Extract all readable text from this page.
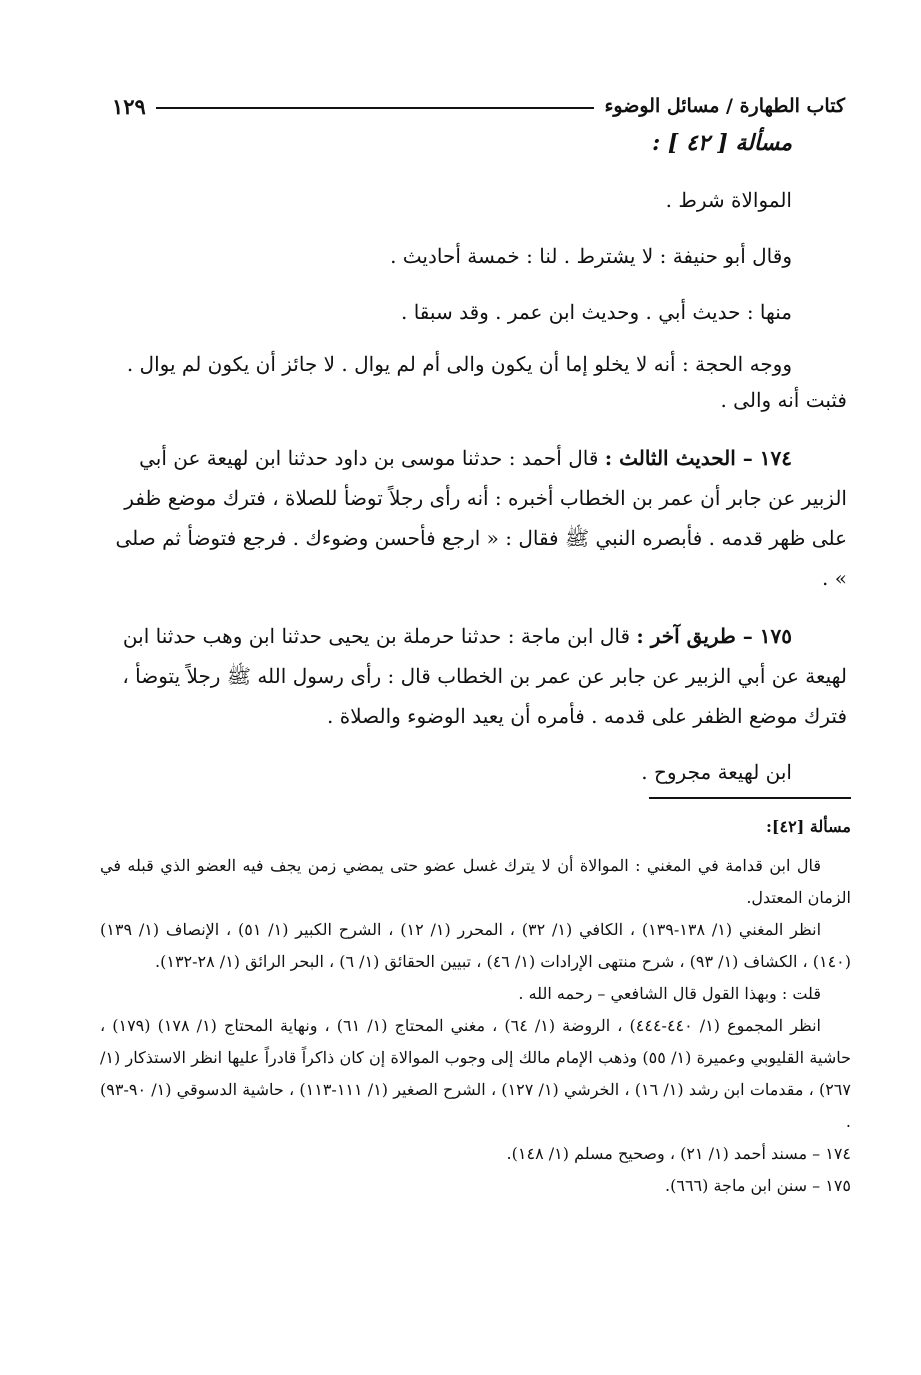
كتاب الطهارة / مسائل الوضوء
١٢٩

مسألة [ ٤٢ ] :

الموالاة شرط .

وقال أبو حنيفة : لا يشترط . لنا : خمسة أحاديث .

منها : حديث أبي . وحديث ابن عمر . وقد سبقا .

ووجه الحجة : أنه لا يخلو إما أن يكون والى أم لم يوال . لا جائز أن يكون لم يوال . فثبت أنه والى .

١٧٤ – الحديث الثالث : قال أحمد : حدثنا موسى بن داود حدثنا ابن لهيعة عن أبي الزبير عن جابر أن عمر بن الخطاب أخبره : أنه رأى رجلاً توضأ للصلاة ، فترك موضع ظفر على ظهر قدمه . فأبصره النبي ﷺ فقال : « ارجع فأحسن وضوءك . فرجع فتوضأ ثم صلى » .

١٧٥ – طريق آخر : قال ابن ماجة : حدثنا حرملة بن يحيى حدثنا ابن وهب حدثنا ابن لهيعة عن أبي الزبير عن جابر عن عمر بن الخطاب قال : رأى رسول الله ﷺ رجلاً يتوضأ ، فترك موضع الظفر على قدمه . فأمره أن يعيد الوضوء والصلاة .

ابن لهيعة مجروح .

مسألة [٤٢]:

قال ابن قدامة في المغني : الموالاة أن لا يترك غسل عضو حتى يمضي زمن يجف فيه العضو الذي قبله في الزمان المعتدل.

انظر المغني (١/ ١٣٨-١٣٩) ، الكافي (١/ ٣٢) ، المحرر (١/ ١٢) ، الشرح الكبير (١/ ٥١) ، الإنصاف (١/ ١٣٩) (١٤٠) ، الكشاف (١/ ٩٣) ، شرح منتهى الإرادات (١/ ٤٦) ، تبيين الحقائق (١/ ٦) ، البحر الرائق (١/ ٢٨-١٣٢).

قلت : وبهذا القول قال الشافعي – رحمه الله .

انظر المجموع (١/ ٤٤٠-٤٤٤) ، الروضة (١/ ٦٤) ، مغني المحتاج (١/ ٦١) ، ونهاية المحتاج (١/ ١٧٨) (١٧٩) ، حاشية القليوبي وعميرة (١/ ٥٥) وذهب الإمام مالك إلى وجوب الموالاة إن كان ذاكراً قادراً عليها انظر الاستذكار (١/ ٢٦٧) ، مقدمات ابن رشد (١/ ١٦) ، الخرشي (١/ ١٢٧) ، الشرح الصغير (١/ ١١١-١١٣) ، حاشية الدسوقي (١/ ٩٠-٩٣) .

١٧٤ – مسند أحمد (١/ ٢١) ، وصحيح مسلم (١/ ١٤٨).

١٧٥ – سنن ابن ماجة (٦٦٦).
